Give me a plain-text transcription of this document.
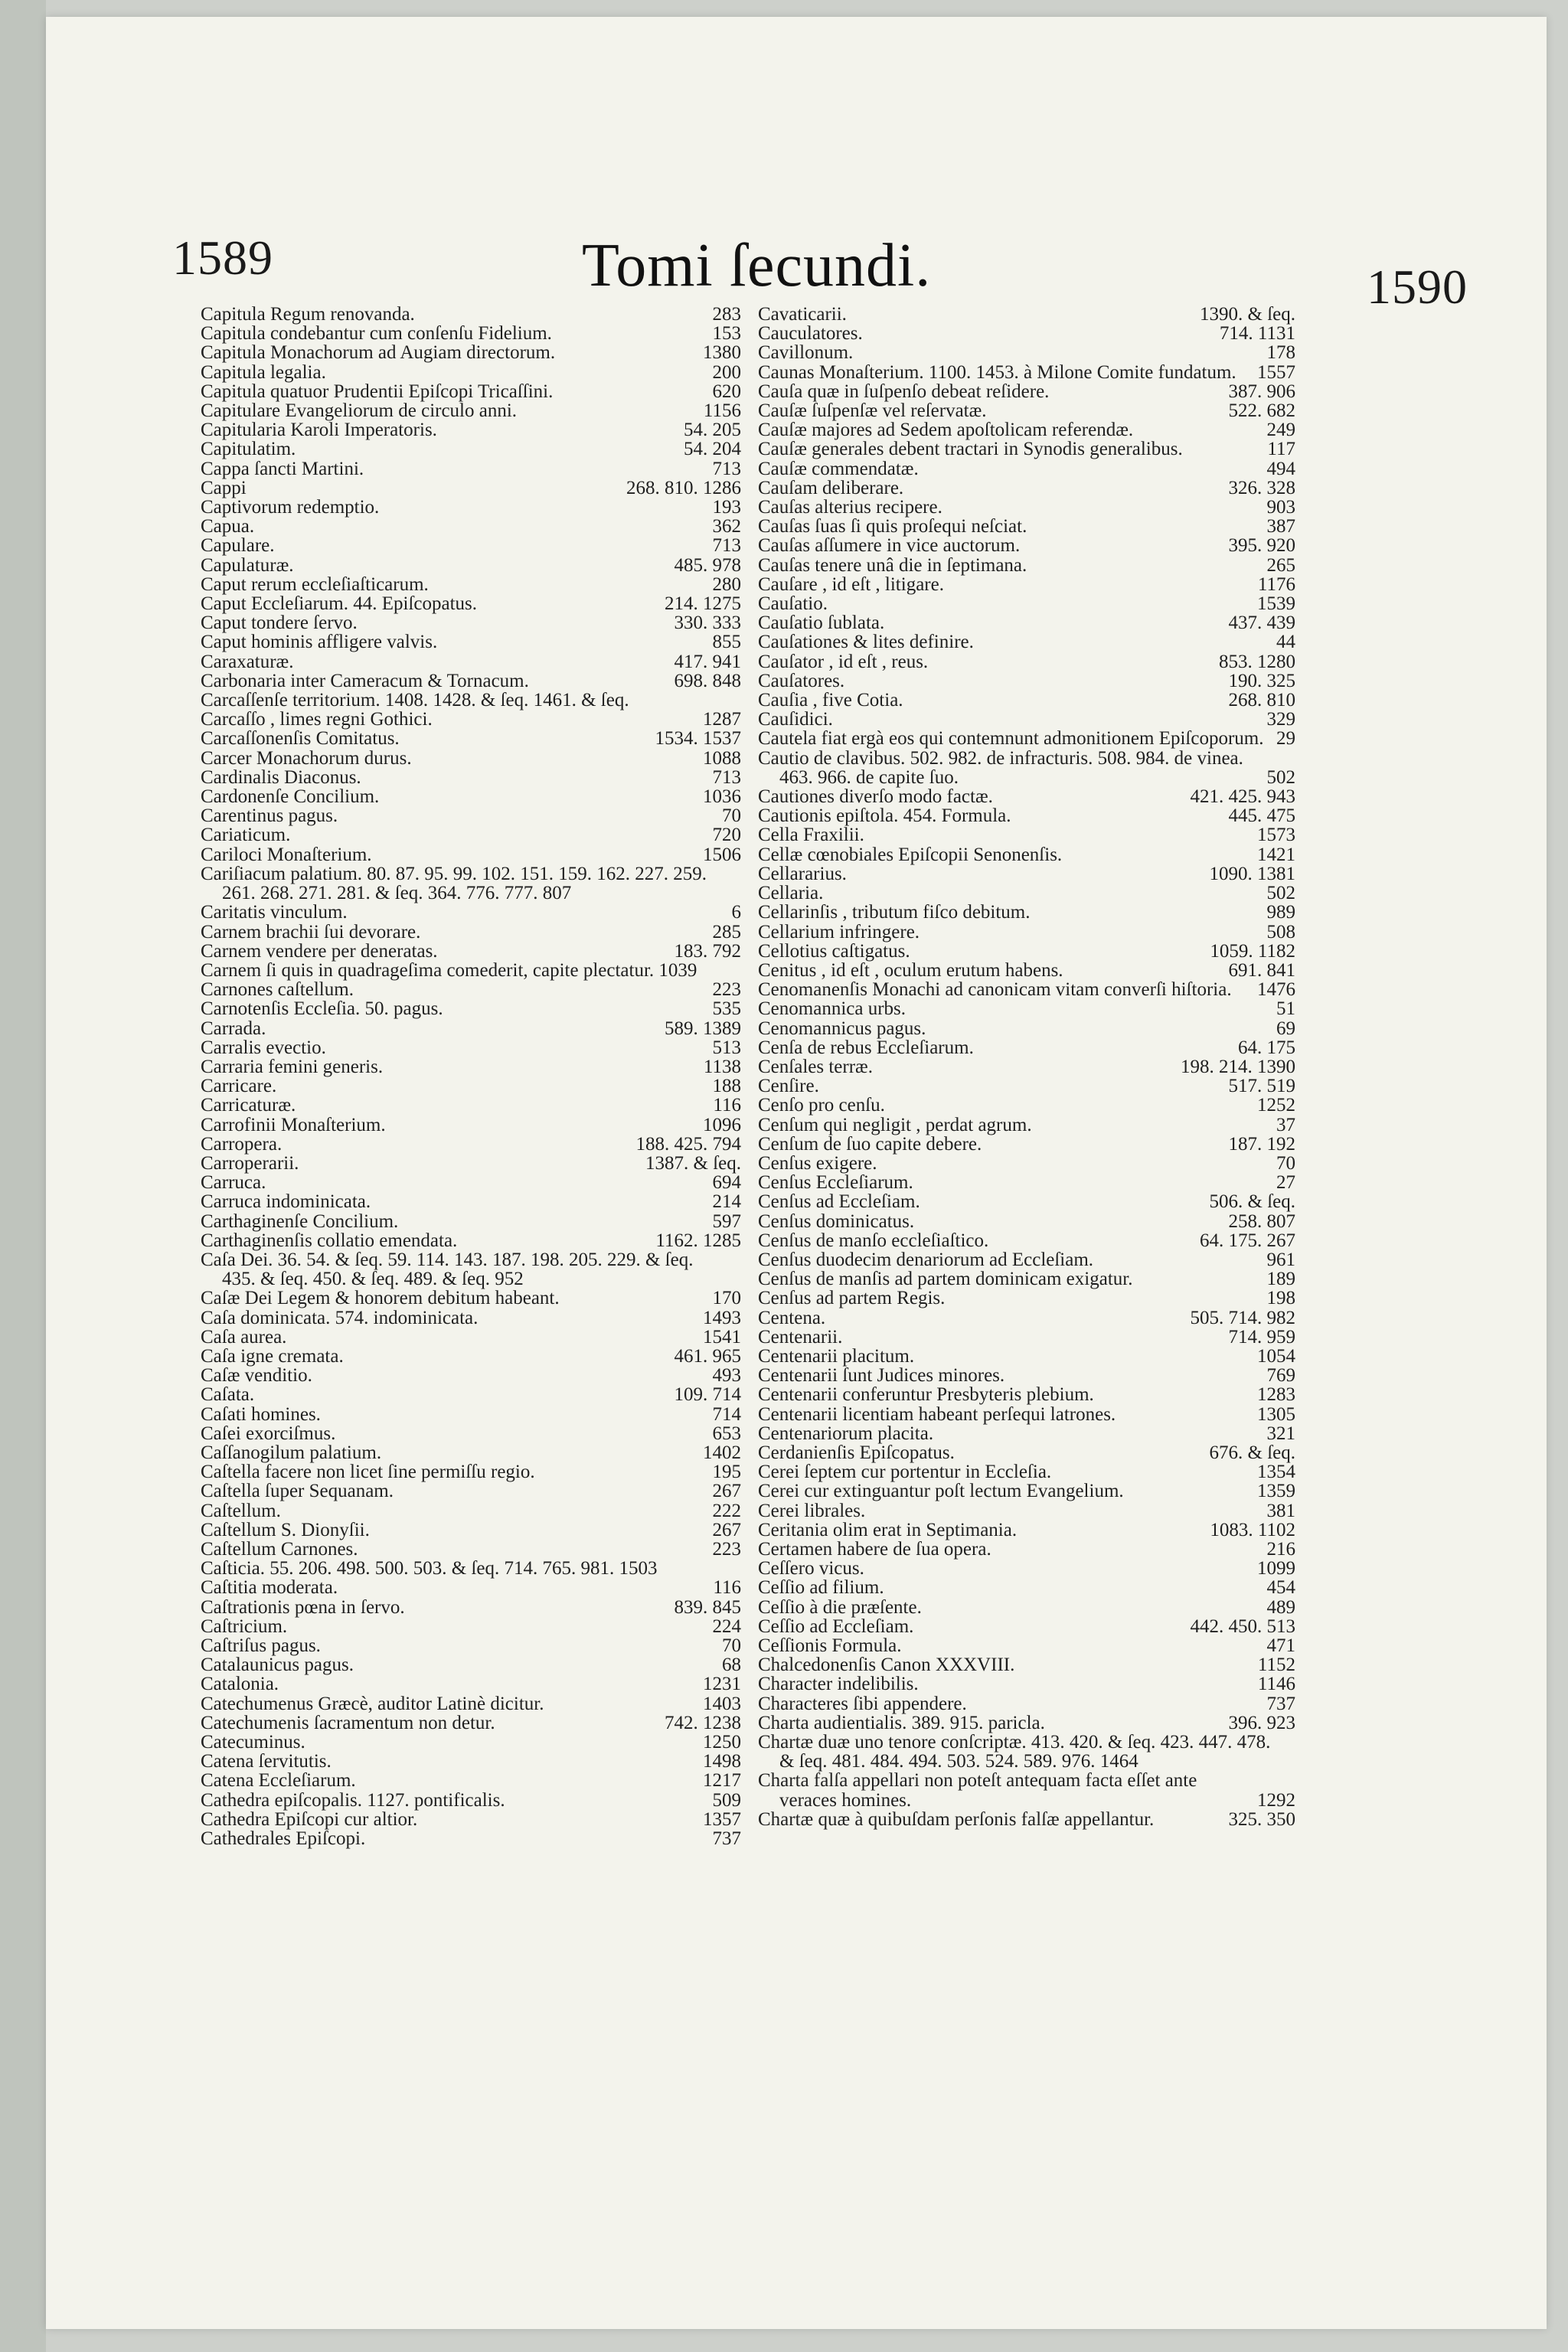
1589	Tomi ſecundi.	1590
Capitula Regum renovanda.	283
Capitula condebantur cum conſenſu Fidelium.	153
Capitula Monachorum ad Augiam directorum.	1380
Capitula legalia.	200
Capitula quatuor Prudentii Epiſcopi Tricaſſini.	620
Capitulare Evangeliorum de circulo anni.	1156
Capitularia Karoli Imperatoris.	54. 205
Capitulatim.	54. 204
Cappa ſancti Martini.	713
Cappi	268. 810. 1286
Captivorum redemptio.	193
Capua.	362
Capulare.	713
Capulaturæ.	485. 978
Caput rerum eccleſiaſticarum.	280
Caput Eccleſiarum. 44. Epiſcopatus.	214. 1275
Caput tondere ſervo.	330. 333
Caput hominis affligere valvis.	855
Caraxaturæ.	417. 941
Carbonaria inter Cameracum & Tornacum.	698. 848
Carcaſſenſe territorium. 1408. 1428. & ſeq. 1461. & ſeq.
Carcaſſo , limes regni Gothici.	1287
Carcaſſonenſis Comitatus.	1534. 1537
Carcer Monachorum durus.	1088
Cardinalis Diaconus.	713
Cardonenſe Concilium.	1036
Carentinus pagus.	70
Cariaticum.	720
Cariloci Monaſterium.	1506
Cariſiacum palatium. 80. 87. 95. 99. 102. 151. 159. 162. 227. 259. 261. 268. 271. 281. & ſeq. 364. 776. 777. 807
Caritatis vinculum.	6
Carnem brachii ſui devorare.	285
Carnem vendere per deneratas.	183. 792
Carnem ſi quis in quadrageſima comederit, capite plectatur. 1039
Carnones caſtellum.	223
Carnotenſis Eccleſia. 50. pagus.	535
Carrada.	589. 1389
Carralis evectio.	513
Carraria femini generis.	1138
Carricare.	188
Carricaturæ.	116
Carrofinii Monaſterium.	1096
Carropera.	188. 425. 794
Carroperarii.	1387. & ſeq.
Carruca.	694
Carruca indominicata.	214
Carthaginenſe Concilium.	597
Carthaginenſis collatio emendata.	1162. 1285
Caſa Dei. 36. 54. & ſeq. 59. 114. 143. 187. 198. 205. 229. & ſeq. 435. & ſeq. 450. & ſeq. 489. & ſeq. 952
Caſæ Dei Legem & honorem debitum habeant.	170
Caſa dominicata. 574. indominicata.	1493
Caſa aurea.	1541
Caſa igne cremata.	461. 965
Caſæ venditio.	493
Caſata.	109. 714
Caſati homines.	714
Caſei exorciſmus.	653
Caſſanogilum palatium.	1402
Caſtella facere non licet ſine permiſſu regio.	195
Caſtella ſuper Sequanam.	267
Caſtellum.	222
Caſtellum S. Dionyſii.	267
Caſtellum Carnones.	223
Caſticia. 55. 206. 498. 500. 503. & ſeq. 714. 765. 981. 1503
Caſtitia moderata.	116
Caſtrationis pœna in ſervo.	839. 845
Caſtricium.	224
Caſtriſus pagus.	70
Catalaunicus pagus.	68
Catalonia.	1231
Catechumenus Græcè, auditor Latinè dicitur.	1403
Catechumenis ſacramentum non detur.	742. 1238
Catecuminus.	1250
Catena ſervitutis.	1498
Catena Eccleſiarum.	1217
Cathedra epiſcopalis. 1127. pontificalis.	509
Cathedra Epiſcopi cur altior.	1357
Cathedrales Epiſcopi.	737
Cavaticarii.	1390. & ſeq.
Cauculatores.	714. 1131
Cavillonum.	178
Caunas Monaſterium. 1100. 1453. à Milone Comite fundatum.	1557
Cauſa quæ in ſuſpenſo debeat reſidere.	387. 906
Cauſæ ſuſpenſæ vel reſervatæ.	522. 682
Cauſæ majores ad Sedem apoſtolicam referendæ.	249
Cauſæ generales debent tractari in Synodis generalibus.	117
Cauſæ commendatæ.	494
Cauſam deliberare.	326. 328
Cauſas alterius recipere.	903
Cauſas ſuas ſi quis proſequi neſciat.	387
Cauſas aſſumere in vice auctorum.	395. 920
Cauſas tenere unâ die in ſeptimana.	265
Cauſare , id eſt , litigare.	1176
Cauſatio.	1539
Cauſatio ſublata.	437. 439
Cauſationes & lites definire.	44
Cauſator , id eſt , reus.	853. 1280
Cauſatores.	190. 325
Cauſia , five Cotia.	268. 810
Cauſidici.	329
Cautela fiat ergà eos qui contemnunt admonitionem Epiſcoporum. 29
Cautio de clavibus. 502. 982. de infracturis. 508. 984. de vinea. 463. 966. de capite ſuo.	502
Cautiones diverſo modo factæ.	421. 425. 943
Cautionis epiſtola. 454. Formula.	445. 475
Cella Fraxilii.	1573
Cellæ cœnobiales Epiſcopii Senonenſis.	1421
Cellararius.	1090. 1381
Cellaria.	502
Cellarinſis , tributum fiſco debitum.	989
Cellarium infringere.	508
Cellotius caſtigatus.	1059. 1182
Cenitus , id eſt , oculum erutum habens.	691. 841
Cenomanenſis Monachi ad canonicam vitam converſi hiſtoria.	1476
Cenomannica urbs.	51
Cenomannicus pagus.	69
Cenſa de rebus Eccleſiarum.	64. 175
Cenſales terræ.	198. 214. 1390
Cenſire.	517. 519
Cenſo pro cenſu.	1252
Cenſum qui negligit , perdat agrum.	37
Cenſum de ſuo capite debere.	187. 192
Cenſus exigere.	70
Cenſus Eccleſiarum.	27
Cenſus ad Eccleſiam.	506. & ſeq.
Cenſus dominicatus.	258. 807
Cenſus de manſo eccleſiaſtico.	64. 175. 267
Cenſus duodecim denariorum ad Eccleſiam.	961
Cenſus de manſis ad partem dominicam exigatur.	189
Cenſus ad partem Regis.	198
Centena.	505. 714. 982
Centenarii.	714. 959
Centenarii placitum.	1054
Centenarii ſunt Judices minores.	769
Centenarii conferuntur Presbyteris plebium.	1283
Centenarii licentiam habeant perſequi latrones.	1305
Centenariorum placita.	321
Cerdanienſis Epiſcopatus.	676. & ſeq.
Cerei ſeptem cur portentur in Eccleſia.	1354
Cerei cur extinguantur poſt lectum Evangelium.	1359
Cerei librales.	381
Ceritania olim erat in Septimania.	1083. 1102
Certamen habere de ſua opera.	216
Ceſſero vicus.	1099
Ceſſio ad filium.	454
Ceſſio à die præſente.	489
Ceſſio ad Eccleſiam.	442. 450. 513
Ceſſionis Formula.	471
Chalcedonenſis Canon XXXVIII.	1152
Character indelibilis.	1146
Characteres ſibi appendere.	737
Charta audientialis. 389. 915. paricla.	396. 923
Chartæ duæ uno tenore conſcriptæ. 413. 420. & ſeq. 423. 447. 478. & ſeq. 481. 484. 494. 503. 524. 589. 976. 1464
Charta falſa appellari non poteſt antequam facta eſſet ante veraces homines.	1292
Chartæ quæ à quibuſdam perſonis falſæ appellantur.	325. 350
